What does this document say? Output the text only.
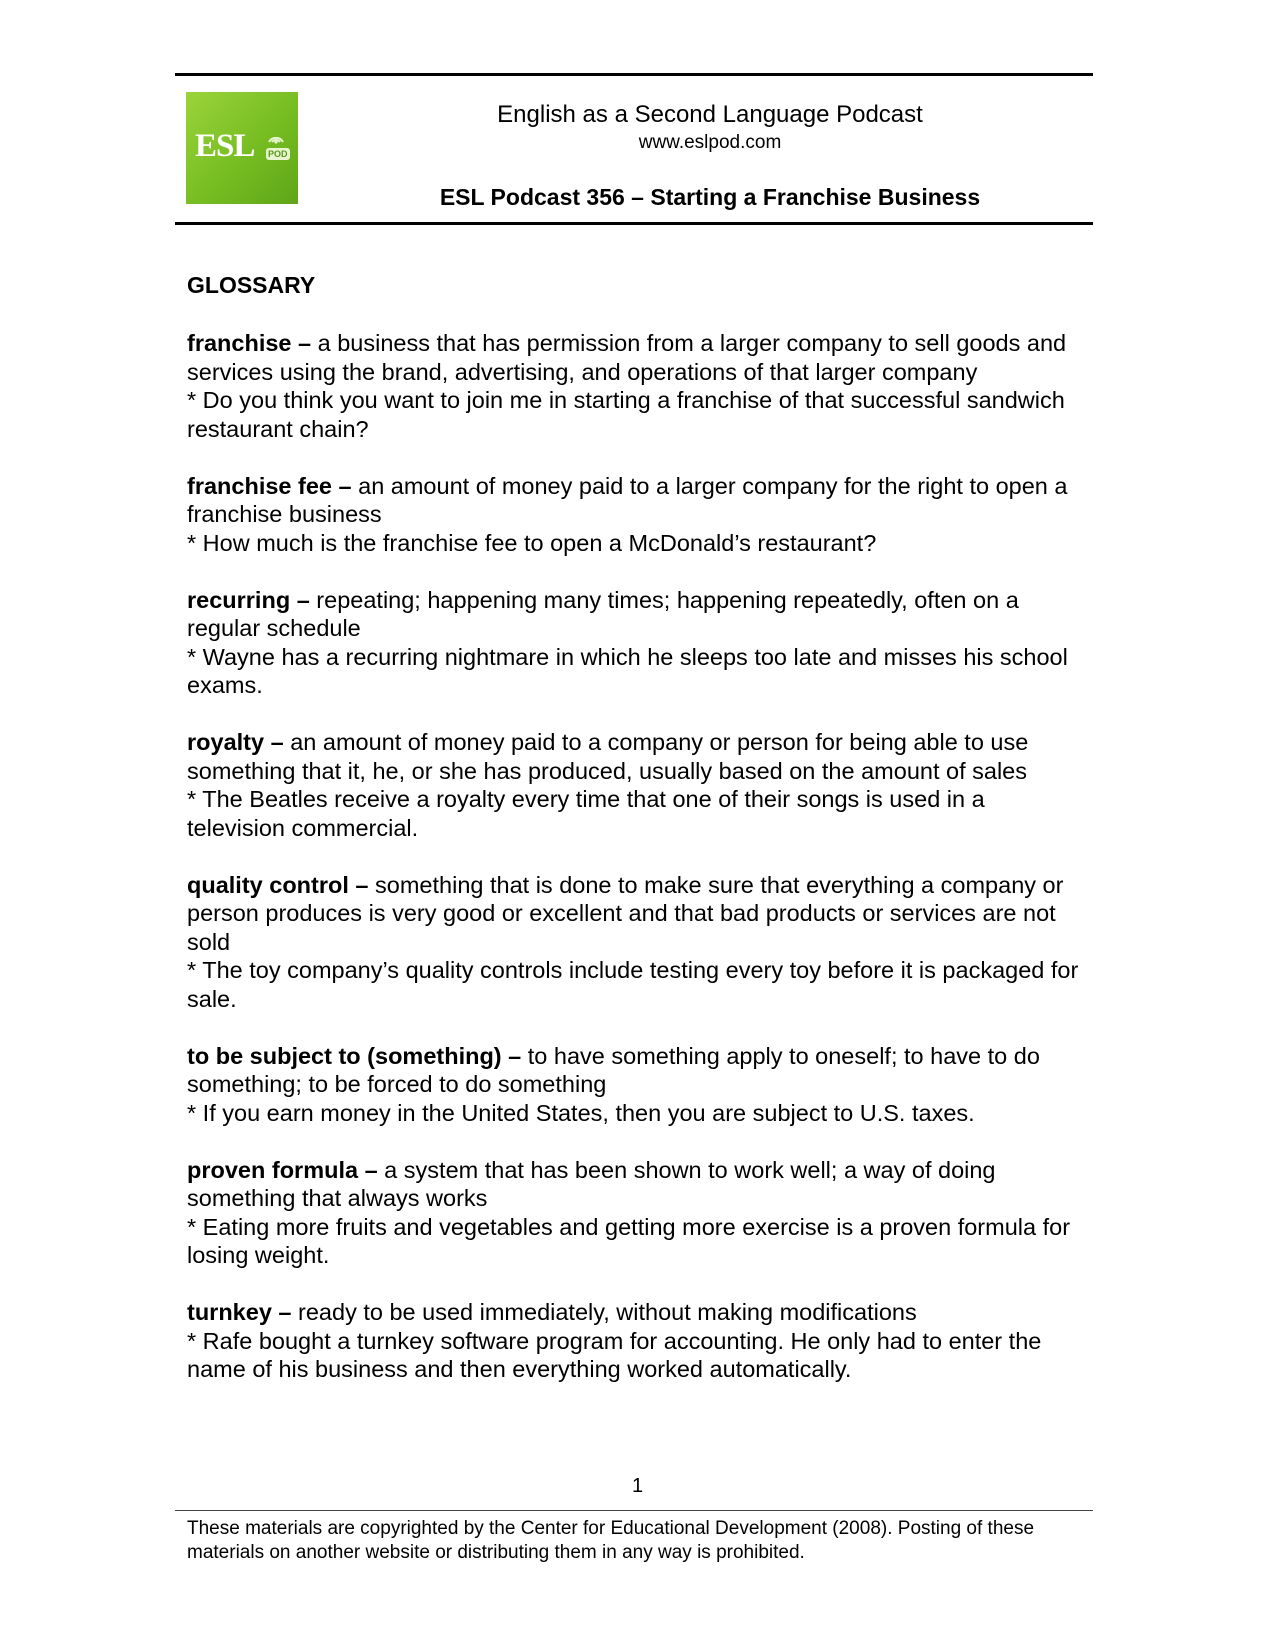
ESL POD
English as a Second Language Podcast
www.eslpod.com
ESL Podcast 356 – Starting a Franchise Business
GLOSSARY
franchise – a business that has permission from a larger company to sell goods and services using the brand, advertising, and operations of that larger company
* Do you think you want to join me in starting a franchise of that successful sandwich restaurant chain?
franchise fee – an amount of money paid to a larger company for the right to open a franchise business
* How much is the franchise fee to open a McDonald’s restaurant?
recurring – repeating; happening many times; happening repeatedly, often on a regular schedule
* Wayne has a recurring nightmare in which he sleeps too late and misses his school exams.
royalty – an amount of money paid to a company or person for being able to use something that it, he, or she has produced, usually based on the amount of sales
* The Beatles receive a royalty every time that one of their songs is used in a television commercial.
quality control – something that is done to make sure that everything a company or person produces is very good or excellent and that bad products or services are not sold
* The toy company’s quality controls include testing every toy before it is packaged for sale.
to be subject to (something) – to have something apply to oneself; to have to do something; to be forced to do something
* If you earn money in the United States, then you are subject to U.S. taxes.
proven formula – a system that has been shown to work well; a way of doing something that always works
* Eating more fruits and vegetables and getting more exercise is a proven formula for losing weight.
turnkey – ready to be used immediately, without making modifications
* Rafe bought a turnkey software program for accounting. He only had to enter the name of his business and then everything worked automatically.
1
These materials are copyrighted by the Center for Educational Development (2008). Posting of these materials on another website or distributing them in any way is prohibited.
